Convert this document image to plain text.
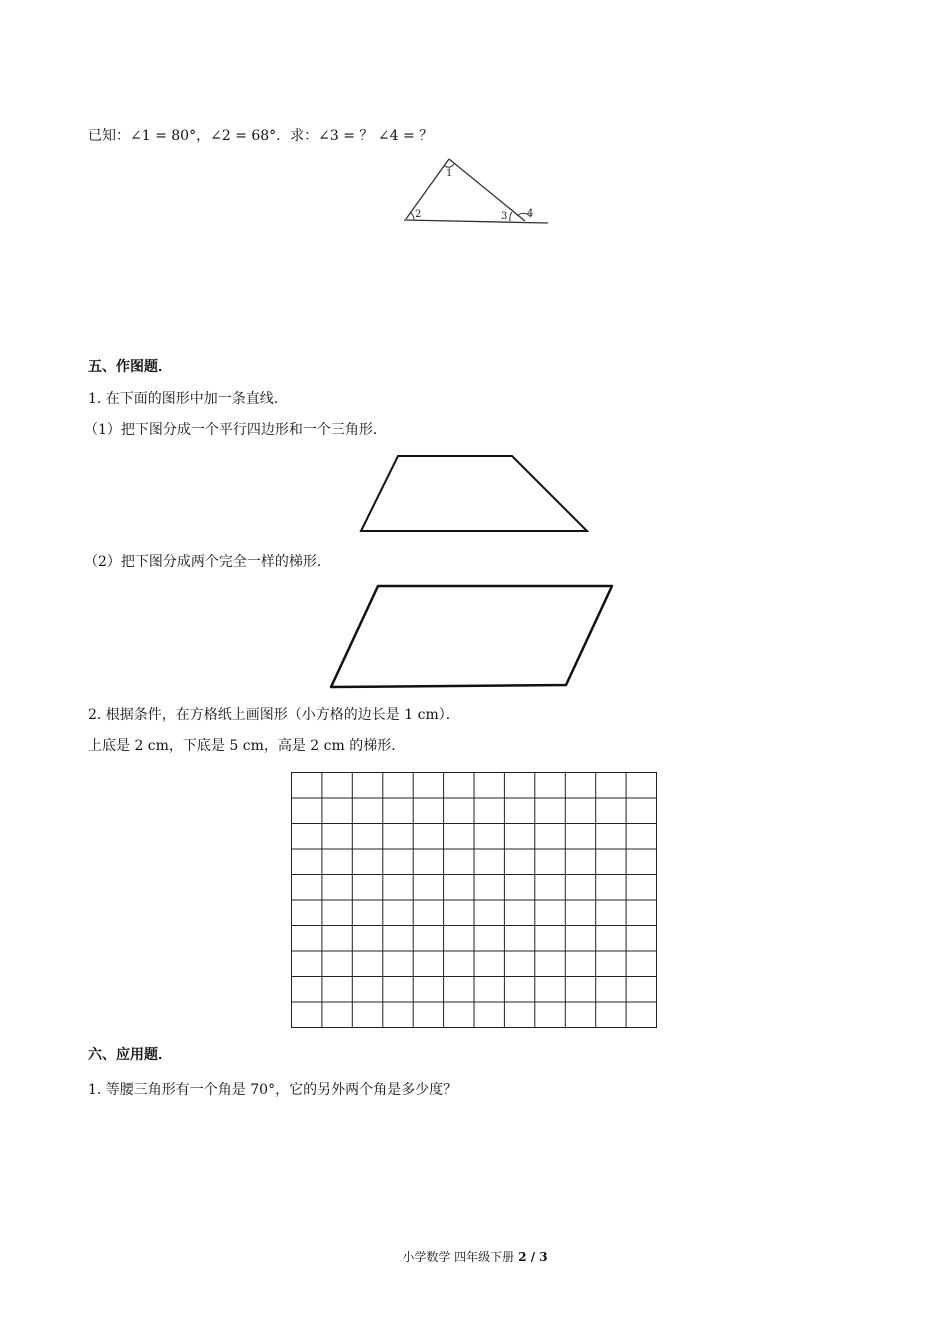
已知：∠1 = 80°，∠2 = 68°．求：∠3 = ？ ∠4 = ？
1
2	3 4
五、作图题．
1. 在下面的图形中加一条直线．
（1）把下图分成一个平行四边形和一个三角形．
（2）把下图分成两个完全一样的梯形．
2. 根据条件，在方格纸上画图形（小方格的边长是 1 cm）．
上底是 2 cm，下底是 5 cm，高是 2 cm 的梯形．
六、应用题．
1. 等腰三角形有一个角是 70°，它的另外两个角是多少度？
小学数学 四年级下册 2 / 3
